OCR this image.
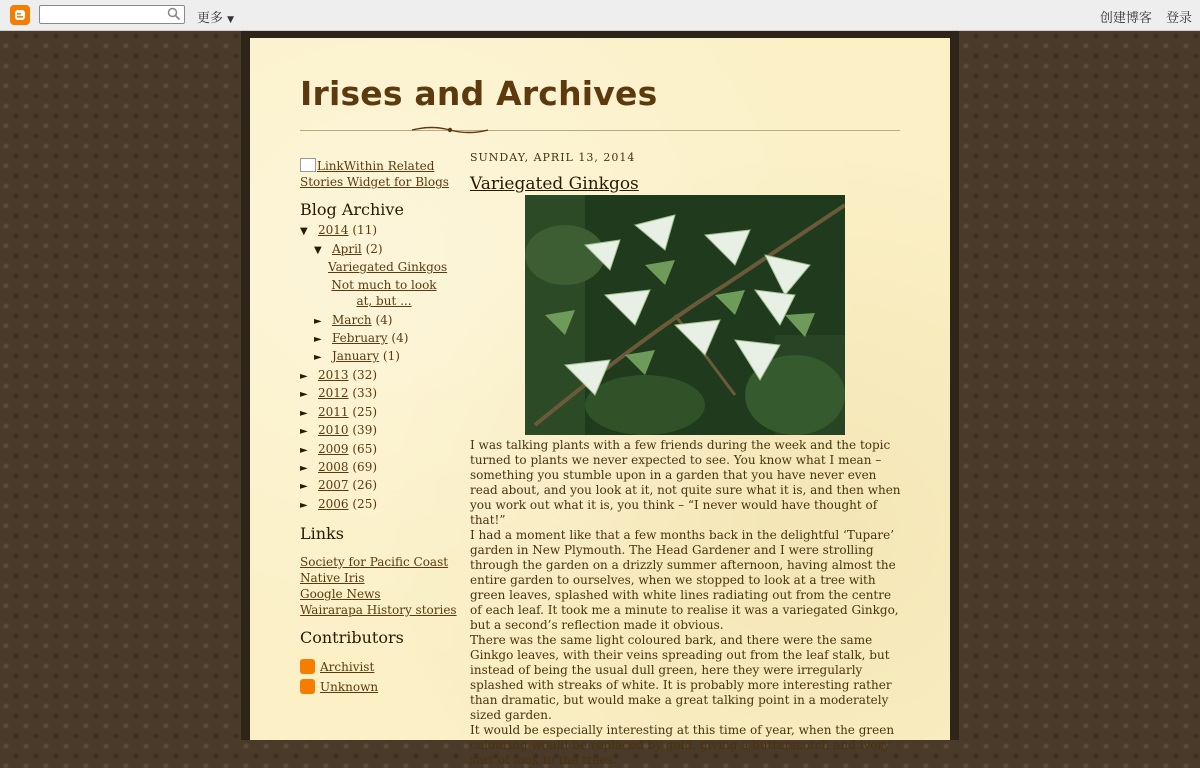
更多 ▼	创建博客 登录
Irises and Archives
LinkWithin Related Stories Widget for Blogs
Blog Archive
▼ 2014 (11)
▼ April (2)
Variegated Ginkgos
Not much to look at, but ...
► March (4)
► February (4)
► January (1)
► 2013 (32)
► 2012 (33)
► 2011 (25)
► 2010 (39)
► 2009 (65)
► 2008 (69)
► 2007 (26)
► 2006 (25)
Links
Society for Pacific Coast
Native Iris
Google News
Wairarapa History stories
Contributors
Archivist
Unknown
SUNDAY, APRIL 13, 2014
Variegated Ginkgos

I was talking plants with a few friends during the week and the topic turned to plants we never expected to see. You know what I mean – something you stumble upon in a garden that you have never even read about, and you look at it, not quite sure what it is, and then when you work out what it is, you think – “I never would have thought of that!”

I had a moment like that a few months back in the delightful ‘Tupare’ garden in New Plymouth. The Head Gardener and I were strolling through the garden on a drizzly summer afternoon, having almost the entire garden to ourselves, when we stopped to look at a tree with green leaves, splashed with white lines radiating out from the centre of each leaf. It took me a minute to realise it was a variegated Ginkgo, but a second’s reflection made it obvious.

There was the same light coloured bark, and there were the same Ginkgo leaves, with their veins spreading out from the leaf stalk, but instead of being the usual dull green, here they were irregularly splashed with streaks of white. It is probably more interesting rather than dramatic, but would make a great talking point in a moderately sized garden.

It would be especially interesting at this time of year, when the green colouring would be replaced by gold, giving a butterscotch and ivory sort of look to the trees.
